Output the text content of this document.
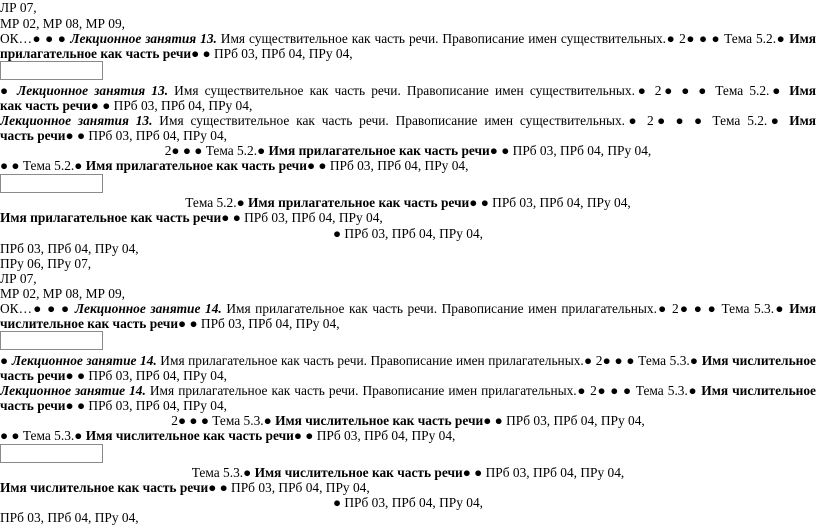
ЛР 07,
МР 02, МР 08, МР 09,
ОК…● ● ● Лекционное занятия 13. Имя существительное как часть речи. Правописание имен существительных.● 2● ● ● Тема 5.2.● Имя
прилагательное как часть речи● ● ПРб 03, ПРб 04, ПРу 04,
● Лекционное занятия 13. Имя существительное как часть речи. Правописание имен существительных.● 2● ● ● Тема 5.2.● Имя
как часть речи● ● ПРб 03, ПРб 04, ПРу 04,
Лекционное занятия 13. Имя существительное как часть речи. Правописание имен существительных.● 2● ● ● Тема 5.2.● Имя
часть речи● ● ПРб 03, ПРб 04, ПРу 04,
2● ● ● Тема 5.2.● Имя прилагательное как часть речи● ● ПРб 03, ПРб 04, ПРу 04,
● ● Тема 5.2.● Имя прилагательное как часть речи● ● ПРб 03, ПРб 04, ПРу 04,
Тема 5.2.● Имя прилагательное как часть речи● ● ПРб 03, ПРб 04, ПРу 04,
Имя прилагательное как часть речи● ● ПРб 03, ПРб 04, ПРу 04,
● ПРб 03, ПРб 04, ПРу 04,
ПРб 03, ПРб 04, ПРу 04,
ПРу 06, ПРу 07,
ЛР 07,
МР 02, МР 08, МР 09,
ОК…● ● ● Лекционное занятие 14. Имя прилагательное как часть речи. Правописание имен прилагательных.● 2● ● ● Тема 5.3.● Имя
числительное как часть речи● ● ПРб 03, ПРб 04, ПРу 04,
● Лекционное занятие 14. Имя прилагательное как часть речи. Правописание имен прилагательных.● 2● ● ● Тема 5.3.● Имя числительное
часть речи● ● ПРб 03, ПРб 04, ПРу 04,
Лекционное занятие 14. Имя прилагательное как часть речи. Правописание имен прилагательных.● 2● ● ● Тема 5.3.● Имя числительное
часть речи● ● ПРб 03, ПРб 04, ПРу 04,
2● ● ● Тема 5.3.● Имя числительное как часть речи● ● ПРб 03, ПРб 04, ПРу 04,
● ● Тема 5.3.● Имя числительное как часть речи● ● ПРб 03, ПРб 04, ПРу 04,
Тема 5.3.● Имя числительное как часть речи● ● ПРб 03, ПРб 04, ПРу 04,
Имя числительное как часть речи● ● ПРб 03, ПРб 04, ПРу 04,
● ПРб 03, ПРб 04, ПРу 04,
ПРб 03, ПРб 04, ПРу 04,
